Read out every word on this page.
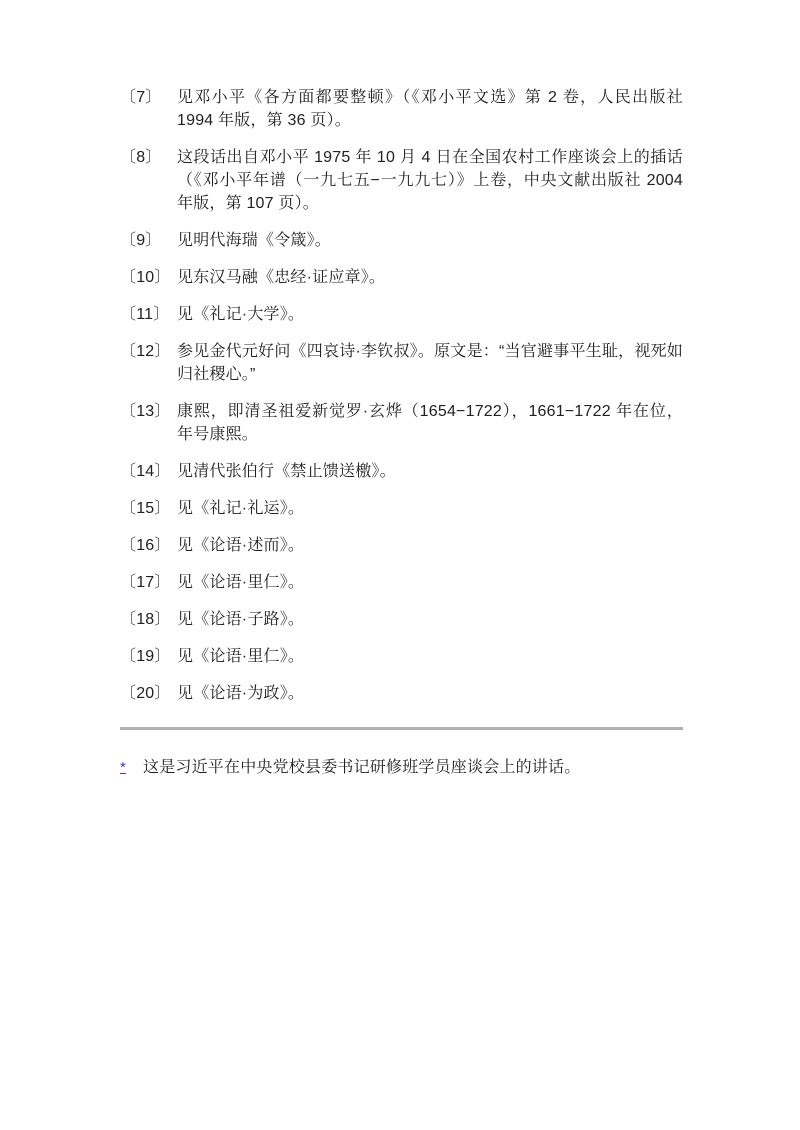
〔7〕 见邓小平《各方面都要整顿》（《邓小平文选》第 2 卷，人民出版社 1994 年版，第 36 页）。
〔8〕 这段话出自邓小平 1975 年 10 月 4 日在全国农村工作座谈会上的插话（《邓小平年谱（一九七五−一九九七）》上卷，中央文献出版社 2004 年版，第 107 页）。
〔9〕 见明代海瑞《令箴》。
〔10〕 见东汉马融《忠经·证应章》。
〔11〕 见《礼记·大学》。
〔12〕 参见金代元好问《四哀诗·李钦叔》。原文是：“当官避事平生耻，视死如归社稷心。”
〔13〕 康熙，即清圣祖爱新觉罗·玄烨（1654−1722），1661−1722 年在位，年号康熙。
〔14〕 见清代张伯行《禁止馈送檄》。
〔15〕 见《礼记·礼运》。
〔16〕 见《论语·述而》。
〔17〕 见《论语·里仁》。
〔18〕 见《论语·子路》。
〔19〕 见《论语·里仁》。
〔20〕 见《论语·为政》。
*	这是习近平在中央党校县委书记研修班学员座谈会上的讲话。
